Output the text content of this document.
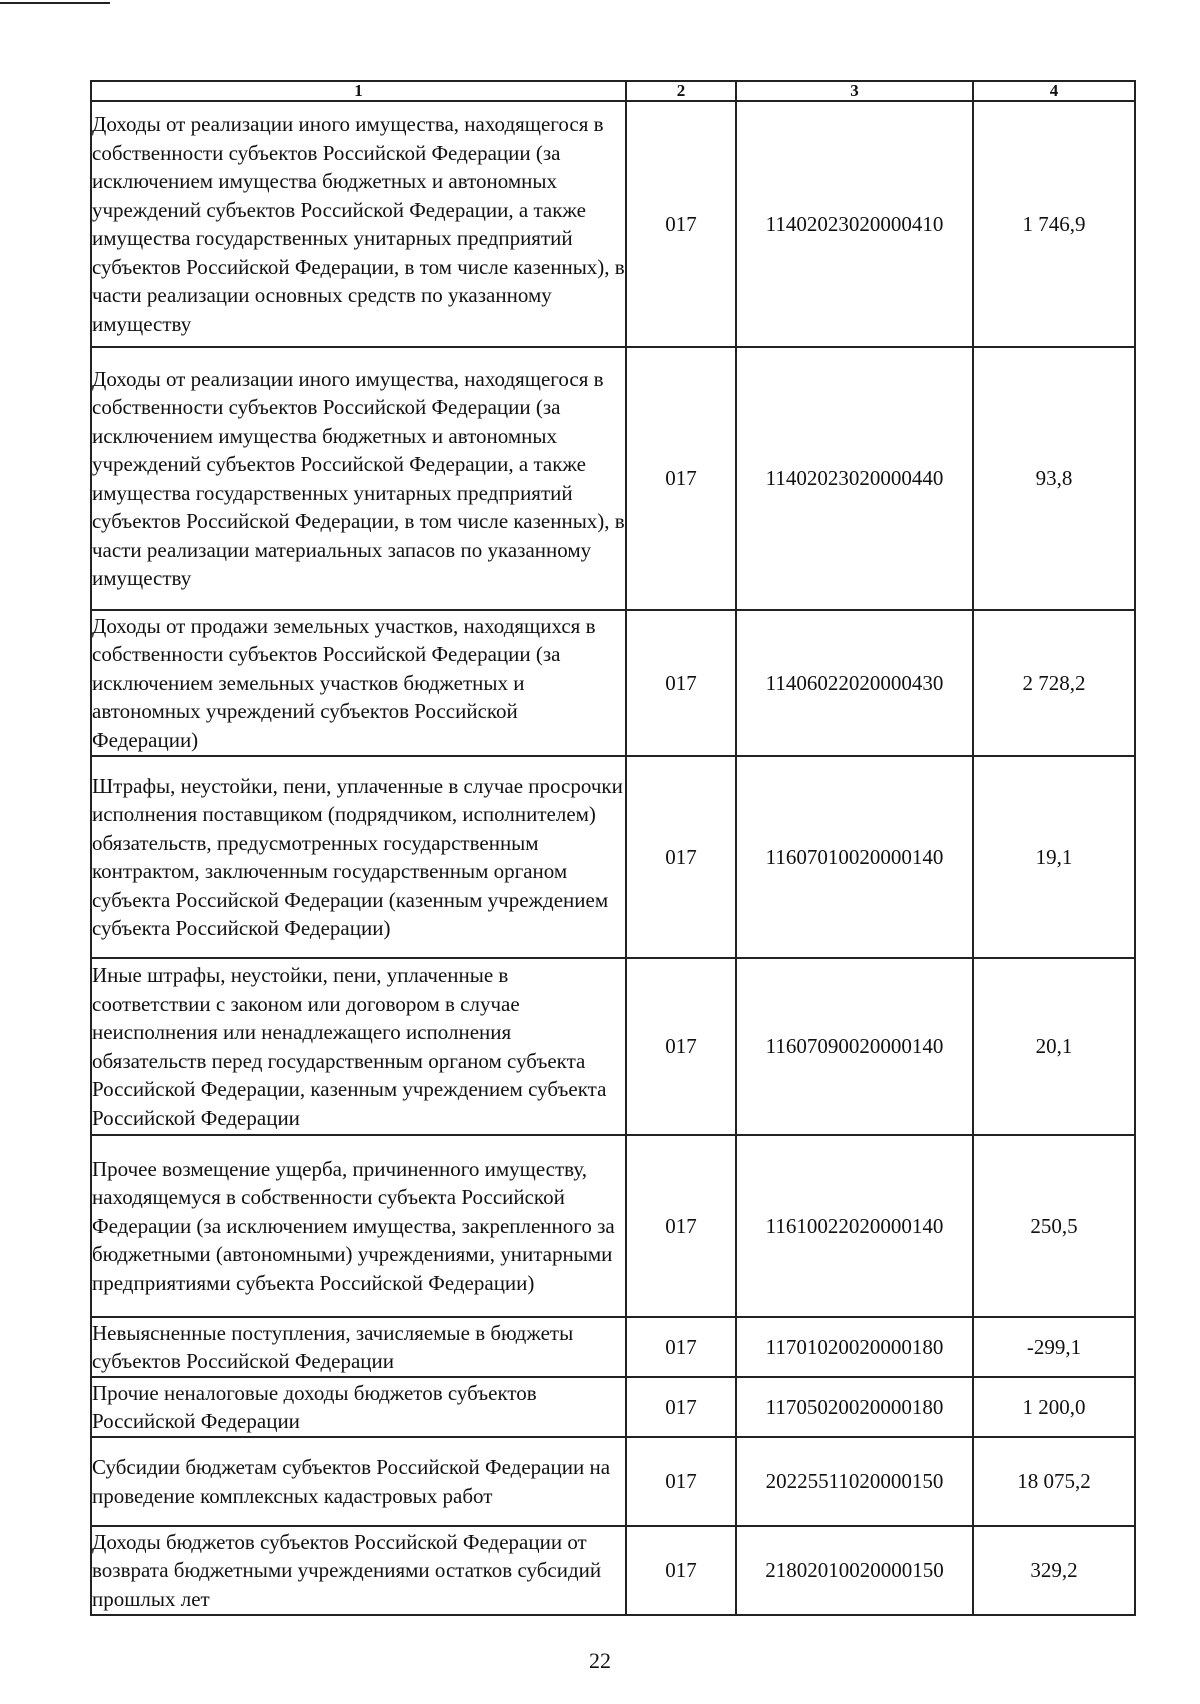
1	2	3	4
Доходы от реализации иного имущества, находящегося в собственности субъектов Российской Федерации (за исключением имущества бюджетных и автономных учреждений субъектов Российской Федерации, а также имущества государственных унитарных предприятий субъектов Российской Федерации, в том числе казенных), в части реализации основных средств по указанному имуществу	017	11402023020000410	1 746,9
Доходы от реализации иного имущества, находящегося в собственности субъектов Российской Федерации (за исключением имущества бюджетных и автономных учреждений субъектов Российской Федерации, а также имущества государственных унитарных предприятий субъектов Российской Федерации, в том числе казенных), в части реализации материальных запасов по указанному имуществу	017	11402023020000440	93,8
Доходы от продажи земельных участков, находящихся в собственности субъектов Российской Федерации (за исключением земельных участков бюджетных и автономных учреждений субъектов Российской Федерации)	017	11406022020000430	2 728,2
Штрафы, неустойки, пени, уплаченные в случае просрочки исполнения поставщиком (подрядчиком, исполнителем) обязательств, предусмотренных государственным контрактом, заключенным государственным органом субъекта Российской Федерации (казенным учреждением субъекта Российской Федерации)	017	11607010020000140	19,1
Иные штрафы, неустойки, пени, уплаченные в соответствии с законом или договором в случае неисполнения или ненадлежащего исполнения обязательств перед государственным органом субъекта Российской Федерации, казенным учреждением субъекта Российской Федерации	017	11607090020000140	20,1
Прочее возмещение ущерба, причиненного имуществу, находящемуся в собственности субъекта Российской Федерации (за исключением имущества, закрепленного за бюджетными (автономными) учреждениями, унитарными предприятиями субъекта Российской Федерации)	017	11610022020000140	250,5
Невыясненные поступления, зачисляемые в бюджеты субъектов Российской Федерации	017	11701020020000180	-299,1
Прочие неналоговые доходы бюджетов субъектов Российской Федерации	017	11705020020000180	1 200,0
Субсидии бюджетам субъектов Российской Федерации на проведение комплексных кадастровых работ	017	20225511020000150	18 075,2
Доходы бюджетов субъектов Российской Федерации от возврата бюджетными учреждениями остатков субсидий прошлых лет	017	21802010020000150	329,2
22
